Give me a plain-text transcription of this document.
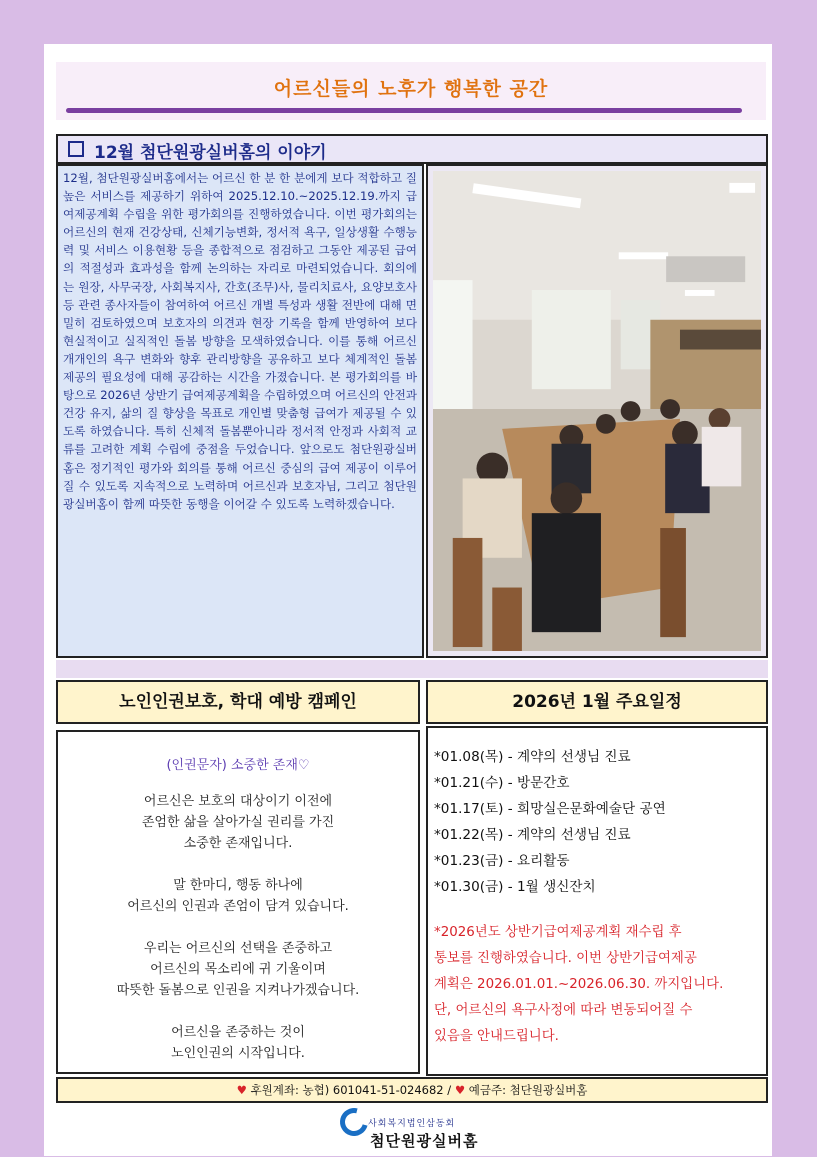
어르신들의 노후가 행복한 공간
12월 첨단원광실버홈의 이야기

12월, 첨단원광실버홈에서는 어르신 한 분 한 분에게 보다 적합하고 질 높은 서비스를 제공하기 위하여 2025.12.10.~2025.12.19.까지 급여제공계획 수립을 위한 평가회의를 진행하였습니다. 이번 평가회의는 어르신의 현재 건강상태, 신체기능변화, 정서적 욕구, 일상생활 수행능력 및 서비스 이용현황 등을 종합적으로 점검하고 그동안 제공된 급여의 적절성과 효과성을 함께 논의하는 자리로 마련되었습니다. 회의에는 원장, 사무국장, 사회복지사, 간호(조무)사, 물리치료사, 요양보호사 등 관련 종사자들이 참여하여 어르신 개별 특성과 생활 전반에 대해 면밀히 검토하였으며 보호자의 의견과 현장 기록을 함께 반영하여 보다 현실적이고 실직적인 돌봄 방향을 모색하였습니다. 이를 통해 어르신 개개인의 욕구 변화와 향후 관리방향을 공유하고 보다 체계적인 돌봄 제공의 필요성에 대해 공감하는 시간을 가졌습니다. 본 평가회의를 바탕으로 2026년 상반기 급여제공계획을 수립하였으며 어르신의 안전과 건강 유지, 삶의 질 향상을 목표로 개인별 맞춤형 급여가 제공될 수 있도록 하였습니다. 특히 신체적 돌봄뿐아니라 정서적 안정과 사회적 교류를 고려한 계획 수립에 중점을 두었습니다. 앞으로도 첨단원광실버홈은 정기적인 평가와 회의를 통해 어르신 중심의 급여 제공이 이루어질 수 있도록 지속적으로 노력하며 어르신과 보호자님, 그리고 첨단원광실버홈이 함께 따뜻한 동행을 이어갈 수 있도록 노력하겠습니다.

노인인권보호, 학대 예방 캠페인	2026년 1월 주요일정
(인권문자) 소중한 존재♡
어르신은 보호의 대상이기 이전에
존엄한 삶을 살아가실 권리를 가진
소중한 존재입니다.
말 한마디, 행동 하나에
어르신의 인권과 존엄이 담겨 있습니다.
우리는 어르신의 선택을 존중하고
어르신의 목소리에 귀 기울이며
따뜻한 돌봄으로 인권을 지켜나가겠습니다.
어르신을 존중하는 것이
노인인권의 시작입니다.
*01.08(목) - 계약의 선생님 진료
*01.21(수) - 방문간호
*01.17(토) - 희망실은문화예술단 공연
*01.22(목) - 계약의 선생님 진료
*01.23(금) - 요리활동
*01.30(금) - 1월 생신잔치

*2026년도 상반기급여제공계획 재수립 후

통보를 진행하였습니다. 이번 상반기급여제공

계획은 2026.01.01.~2026.06.30. 까지입니다.

단, 어르신의 욕구사정에 따라 변동되어질 수

있음을 안내드립니다.

♥ 후원계좌: 농협) 601041-51-024682 / ♥ 예금주: 첨단원광실버홈
사회복지법인삼동회
첨단원광실버홈
